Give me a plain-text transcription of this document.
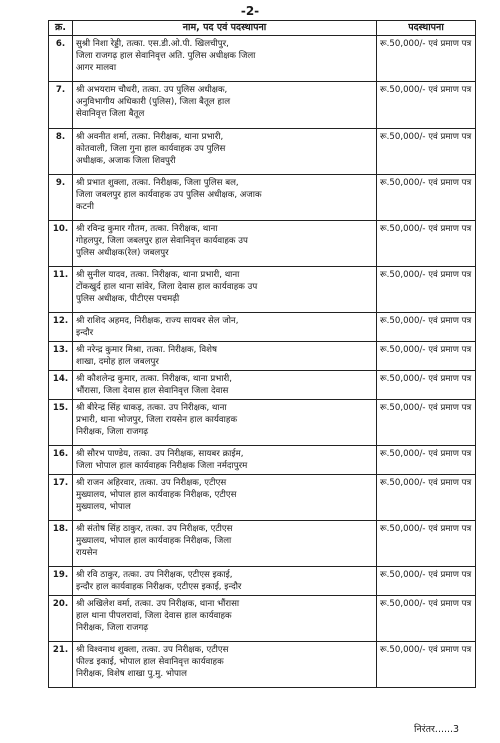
-2-
क्र.	नाम, पद एवं पदस्थापना	पदस्थापना
6.	सुश्री निशा रेड्डी, तत्का. एस.डी.ओ.पी. खिलचीपुर,
जिला राजगढ़ हाल सेवानिवृत्त अति. पुलिस अधीक्षक जिला
आगर मालवा	रू.50,000/- एवं प्रमाण पत्र
7.	श्री अभयराम चौधरी, तत्का. उप पुलिस अधीक्षक,
अनुविभागीय अधिकारी (पुलिस), जिला बैतूल हाल
सेवानिवृत्त जिला बैतूल	रू.50,000/- एवं प्रमाण पत्र
8.	श्री अवनीत शर्मा, तत्का. निरीक्षक, थाना प्रभारी,
कोतवाली, जिला गुना हाल कार्यवाहक उप पुलिस
अधीक्षक, अजाक जिला शिवपुरी	रू.50,000/- एवं प्रमाण पत्र
9.	श्री प्रभात शुक्ला, तत्का. निरीक्षक, जिला पुलिस बल,
जिला जबलपुर हाल कार्यवाहक उप पुलिस अधीक्षक, अजाक
कटनी	रू.50,000/- एवं प्रमाण पत्र
10.	श्री रविन्द्र कुमार गौतम, तत्का. निरीक्षक, थाना
गोहलपुर, जिला जबलपुर हाल सेवानिवृत्त कार्यवाहक उप
पुलिस अधीक्षक(रेल) जबलपुर	रू.50,000/- एवं प्रमाण पत्र
11.	श्री सुनील यादव, तत्का. निरीक्षक, थाना प्रभारी, थाना
टोंकखुर्द हाल थाना सांवेर, जिला देवास हाल कार्यवाहक उप
पुलिस अधीक्षक, पीटीएस पचमढ़ी	रू.50,000/- एवं प्रमाण पत्र
12.	श्री राशिद अहमद, निरीक्षक, राज्य सायबर सेल जोन,
इन्दौर	रू.50,000/- एवं प्रमाण पत्र
13.	श्री नरेन्द्र कुमार मिश्रा, तत्का. निरीक्षक, विशेष
शाखा, दमोह हाल जबलपुर	रू.50,000/- एवं प्रमाण पत्र
14.	श्री कौशलेन्द्र कुमार, तत्का. निरीक्षक, थाना प्रभारी,
भौंरासा, जिला देवास हाल सेवानिवृत्त जिला देवास	रू.50,000/- एवं प्रमाण पत्र
15.	श्री बीरेन्द्र सिंह धाकड़, तत्का. उप निरीक्षक, थाना
प्रभारी, थाना भोजपुर, जिला रायसेन हाल कार्यवाहक
निरीक्षक, जिला राजगढ़	रू.50,000/- एवं प्रमाण पत्र
16.	श्री सौरभ पाण्डेय, तत्का. उप निरीक्षक, सायबर क्राईम,
जिला भोपाल हाल कार्यवाहक निरीक्षक जिला नर्मदापुरम	रू.50,000/- एवं प्रमाण पत्र
17.	श्री राजन अहिरवार, तत्का. उप निरीक्षक, एटीएस
मुख्यालय, भोपाल हाल कार्यवाहक निरीक्षक, एटीएस
मुख्यालय, भोपाल	रू.50,000/- एवं प्रमाण पत्र
18.	श्री संतोष सिंह ठाकुर, तत्का. उप निरीक्षक, एटीएस
मुख्यालय, भोपाल हाल कार्यवाहक निरीक्षक, जिला
रायसेन	रू.50,000/- एवं प्रमाण पत्र
19.	श्री रवि ठाकुर, तत्का. उप निरीक्षक, एटीएस इकाई,
इन्दौर हाल कार्यवाहक निरीक्षक, एटीएस इकाई, इन्दौर	रू.50,000/- एवं प्रमाण पत्र
20.	श्री अखिलेश वर्मा, तत्का. उप निरीक्षक, थाना भौंरासा
हाल थाना पीपलरावां, जिला देवास हाल कार्यवाहक
निरीक्षक, जिला राजगढ़	रू.50,000/- एवं प्रमाण पत्र
21.	श्री विश्वनाथ शुक्ला, तत्का. उप निरीक्षक, एटीएस
फील्ड इकाई, भोपाल हाल सेवानिवृत्त कार्यवाहक
निरीक्षक, विशेष शाखा पु.मु. भोपाल	रू.50,000/- एवं प्रमाण पत्र
निरंतर......3
